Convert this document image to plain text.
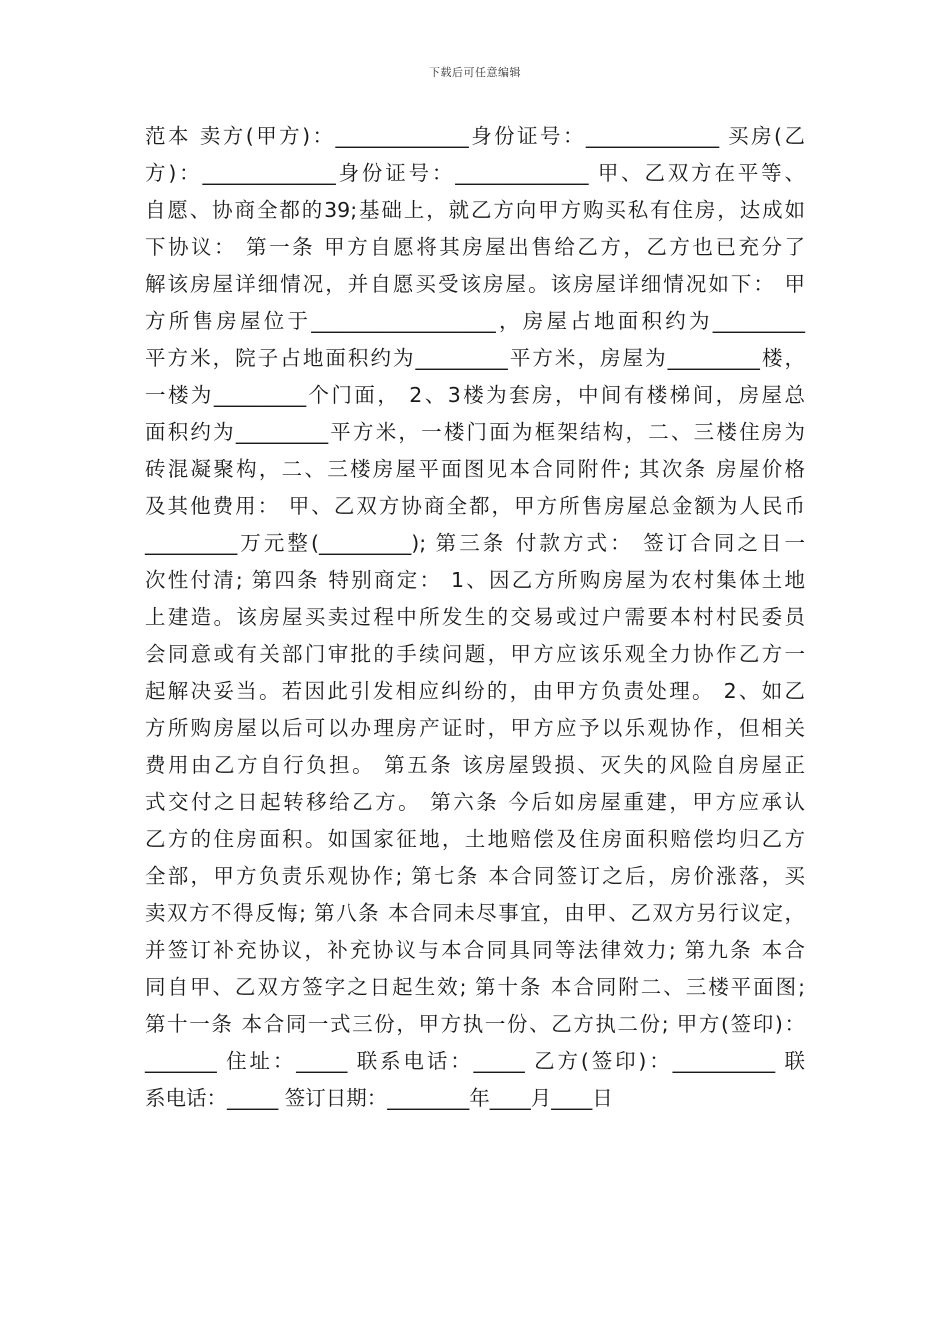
下载后可任意编辑
范本 卖方(甲方)：_____________身份证号：_____________ 买房(乙
方)：_____________身份证号：_____________ 甲、乙双方在平等、
自愿、协商全都的39;基础上，就乙方向甲方购买私有住房，达成如
下协议： 第一条 甲方自愿将其房屋出售给乙方，乙方也已充分了
解该房屋详细情况，并自愿买受该房屋。该房屋详细情况如下： 甲
方所售房屋位于__________________，房屋占地面积约为_________
平方米，院子占地面积约为_________平方米，房屋为_________楼，
一楼为_________个门面， 2、3楼为套房，中间有楼梯间，房屋总
面积约为_________平方米，一楼门面为框架结构，二、三楼住房为
砖混凝聚构，二、三楼房屋平面图见本合同附件; 其次条 房屋价格
及其他费用： 甲、乙双方协商全都，甲方所售房屋总金额为人民币
_________万元整(_________); 第三条 付款方式： 签订合同之日一
次性付清; 第四条 特别商定： 1、因乙方所购房屋为农村集体土地
上建造。该房屋买卖过程中所发生的交易或过户需要本村村民委员
会同意或有关部门审批的手续问题，甲方应该乐观全力协作乙方一
起解决妥当。若因此引发相应纠纷的，由甲方负责处理。 2、如乙
方所购房屋以后可以办理房产证时，甲方应予以乐观协作，但相关
费用由乙方自行负担。 第五条 该房屋毁损、灭失的风险自房屋正
式交付之日起转移给乙方。 第六条 今后如房屋重建，甲方应承认
乙方的住房面积。如国家征地，土地赔偿及住房面积赔偿均归乙方
全部，甲方负责乐观协作; 第七条 本合同签订之后，房价涨落，买
卖双方不得反悔; 第八条 本合同未尽事宜，由甲、乙双方另行议定，
并签订补充协议，补充协议与本合同具同等法律效力; 第九条 本合
同自甲、乙双方签字之日起生效; 第十条 本合同附二、三楼平面图;
第十一条 本合同一式三份，甲方执一份、乙方执二份; 甲方(签印)：
_______ 住址：_____ 联系电话：_____ 乙方(签印)：__________ 联
系电话：_____ 签订日期：________年____月____日
